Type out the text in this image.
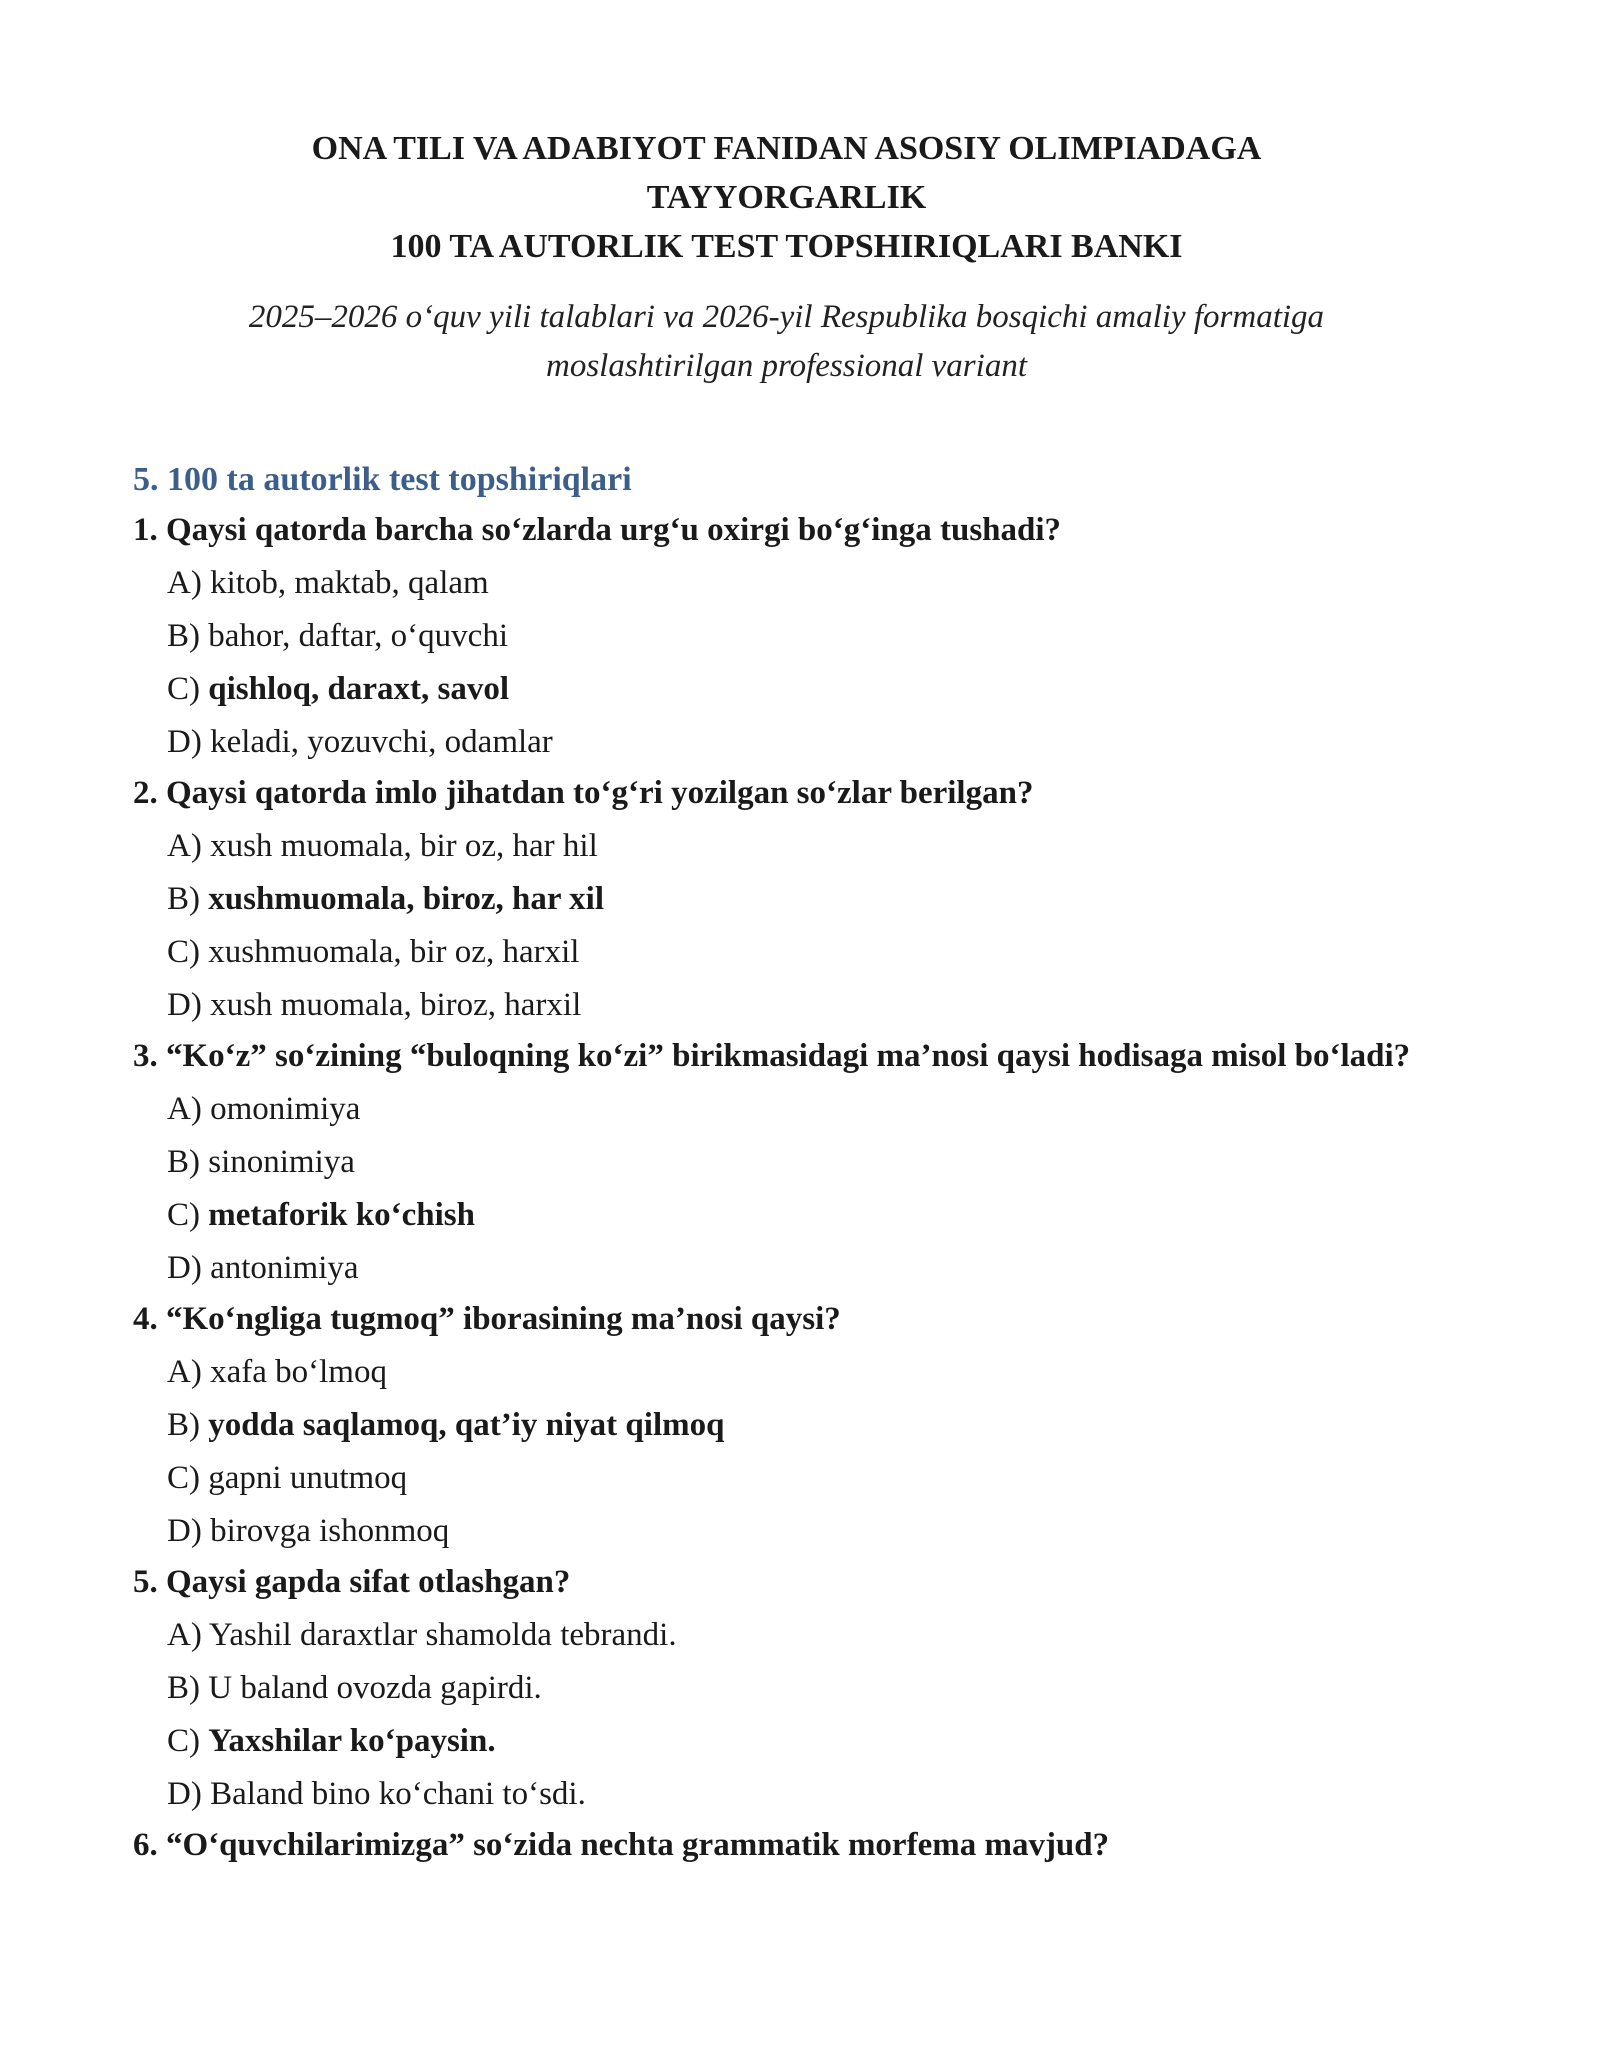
ONA TILI VA ADABIYOT FANIDAN ASOSIY OLIMPIADAGA
TAYYORGARLIK
100 TA AUTORLIK TEST TOPSHIRIQLARI BANKI

2025–2026 o‘quv yili talablari va 2026-yil Respublika bosqichi amaliy formatiga
moslashtirilgan professional variant

5. 100 ta autorlik test topshiriqlari

1. Qaysi qatorda barcha so‘zlarda urg‘u oxirgi bo‘g‘inga tushadi?

A) kitob, maktab, qalam
B) bahor, daftar, o‘quvchi
C) qishloq, daraxt, savol
D) keladi, yozuvchi, odamlar

2. Qaysi qatorda imlo jihatdan to‘g‘ri yozilgan so‘zlar berilgan?

A) xush muomala, bir oz, har hil
B) xushmuomala, biroz, har xil
C) xushmuomala, bir oz, harxil
D) xush muomala, biroz, harxil

3. “Ko‘z” so‘zining “buloqning ko‘zi” birikmasidagi ma’nosi qaysi hodisaga misol bo‘ladi?

A) omonimiya
B) sinonimiya
C) metaforik ko‘chish
D) antonimiya

4. “Ko‘ngliga tugmoq” iborasining ma’nosi qaysi?

A) xafa bo‘lmoq
B) yodda saqlamoq, qat’iy niyat qilmoq
C) gapni unutmoq
D) birovga ishonmoq

5. Qaysi gapda sifat otlashgan?

A) Yashil daraxtlar shamolda tebrandi.
B) U baland ovozda gapirdi.
C) Yaxshilar ko‘paysin.
D) Baland bino ko‘chani to‘sdi.

6. “O‘quvchilarimizga” so‘zida nechta grammatik morfema mavjud?
